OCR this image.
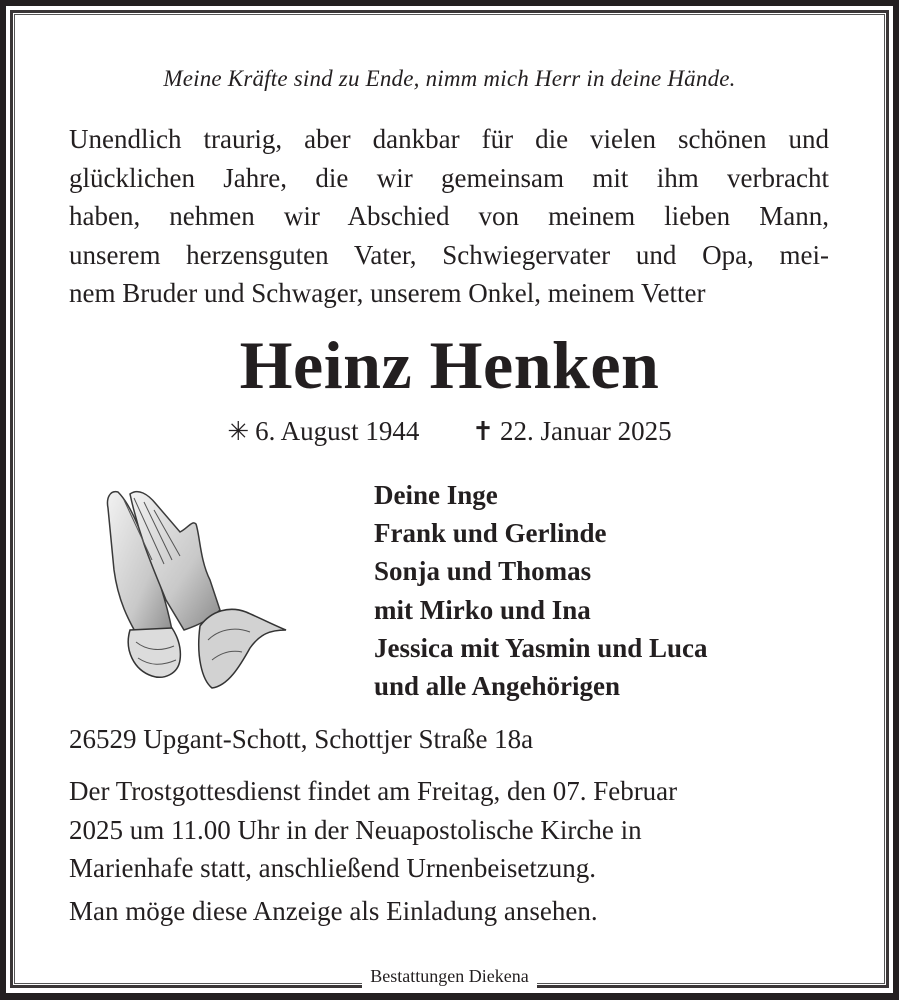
Meine Kräfte sind zu Ende, nimm mich Herr in deine Hände.
Unendlich traurig, aber dankbar für die vielen schönen und
glücklichen Jahre, die wir gemeinsam mit ihm verbracht
haben, nehmen wir Abschied von meinem lieben Mann,
unserem herzensguten Vater, Schwiegervater und Opa, mei-
nem Bruder und Schwager, unserem Onkel, meinem Vetter
Heinz Henken
✳ 6. August 1944 ✝ 22. Januar 2025
Deine Inge
Frank und Gerlinde
Sonja und Thomas
mit Mirko und Ina
Jessica mit Yasmin und Luca
und alle Angehörigen
26529 Upgant-Schott, Schottjer Straße 18a
Der Trostgottesdienst findet am Freitag, den 07. Februar
2025 um 11.00 Uhr in der Neuapostolische Kirche in
Marienhafe statt, anschließend Urnenbeisetzung.
Man möge diese Anzeige als Einladung ansehen.
Bestattungen Diekena
